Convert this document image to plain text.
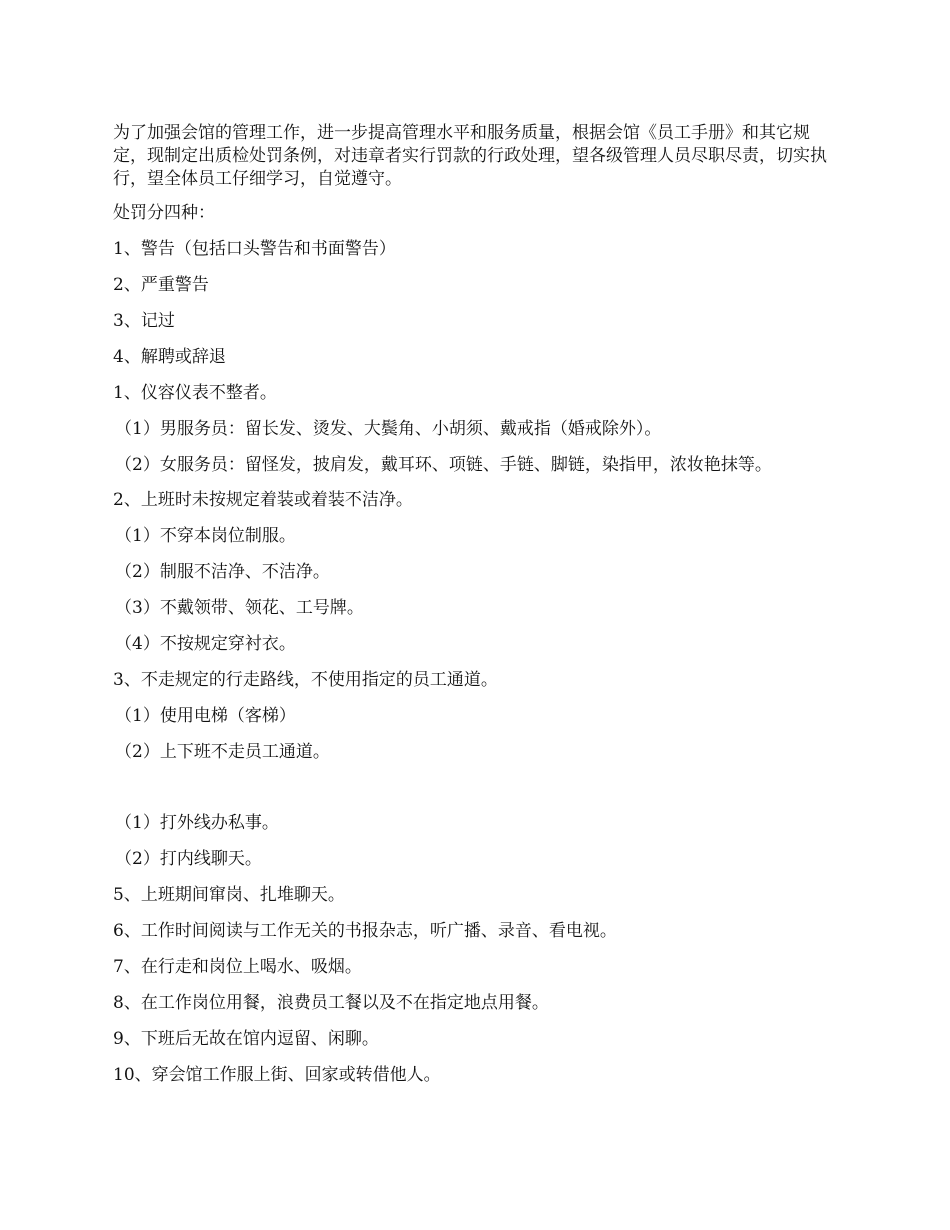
为了加强会馆的管理工作，进一步提高管理水平和服务质量，根据会馆《员工手册》和其它规定，现制定出质检处罚条例，对违章者实行罚款的行政处理，望各级管理人员尽职尽责，切实执行，望全体员工仔细学习，自觉遵守。

处罚分四种：
1、警告（包括口头警告和书面警告）
2、严重警告
3、记过
4、解聘或辞退
1、仪容仪表不整者。
（1）男服务员：留长发、烫发、大鬓角、小胡须、戴戒指（婚戒除外）。
（2）女服务员：留怪发，披肩发，戴耳环、项链、手链、脚链，染指甲，浓妆艳抹等。
2、上班时未按规定着装或着装不洁净。
（1）不穿本岗位制服。
（2）制服不洁净、不洁净。
（3）不戴领带、领花、工号牌。
（4）不按规定穿衬衣。
3、不走规定的行走路线，不使用指定的员工通道。
（1）使用电梯（客梯）
（2）上下班不走员工通道。
（1）打外线办私事。
（2）打内线聊天。
5、上班期间窜岗、扎堆聊天。
6、工作时间阅读与工作无关的书报杂志，听广播、录音、看电视。
7、在行走和岗位上喝水、吸烟。
8、在工作岗位用餐，浪费员工餐以及不在指定地点用餐。
9、下班后无故在馆内逗留、闲聊。
10、穿会馆工作服上街、回家或转借他人。
